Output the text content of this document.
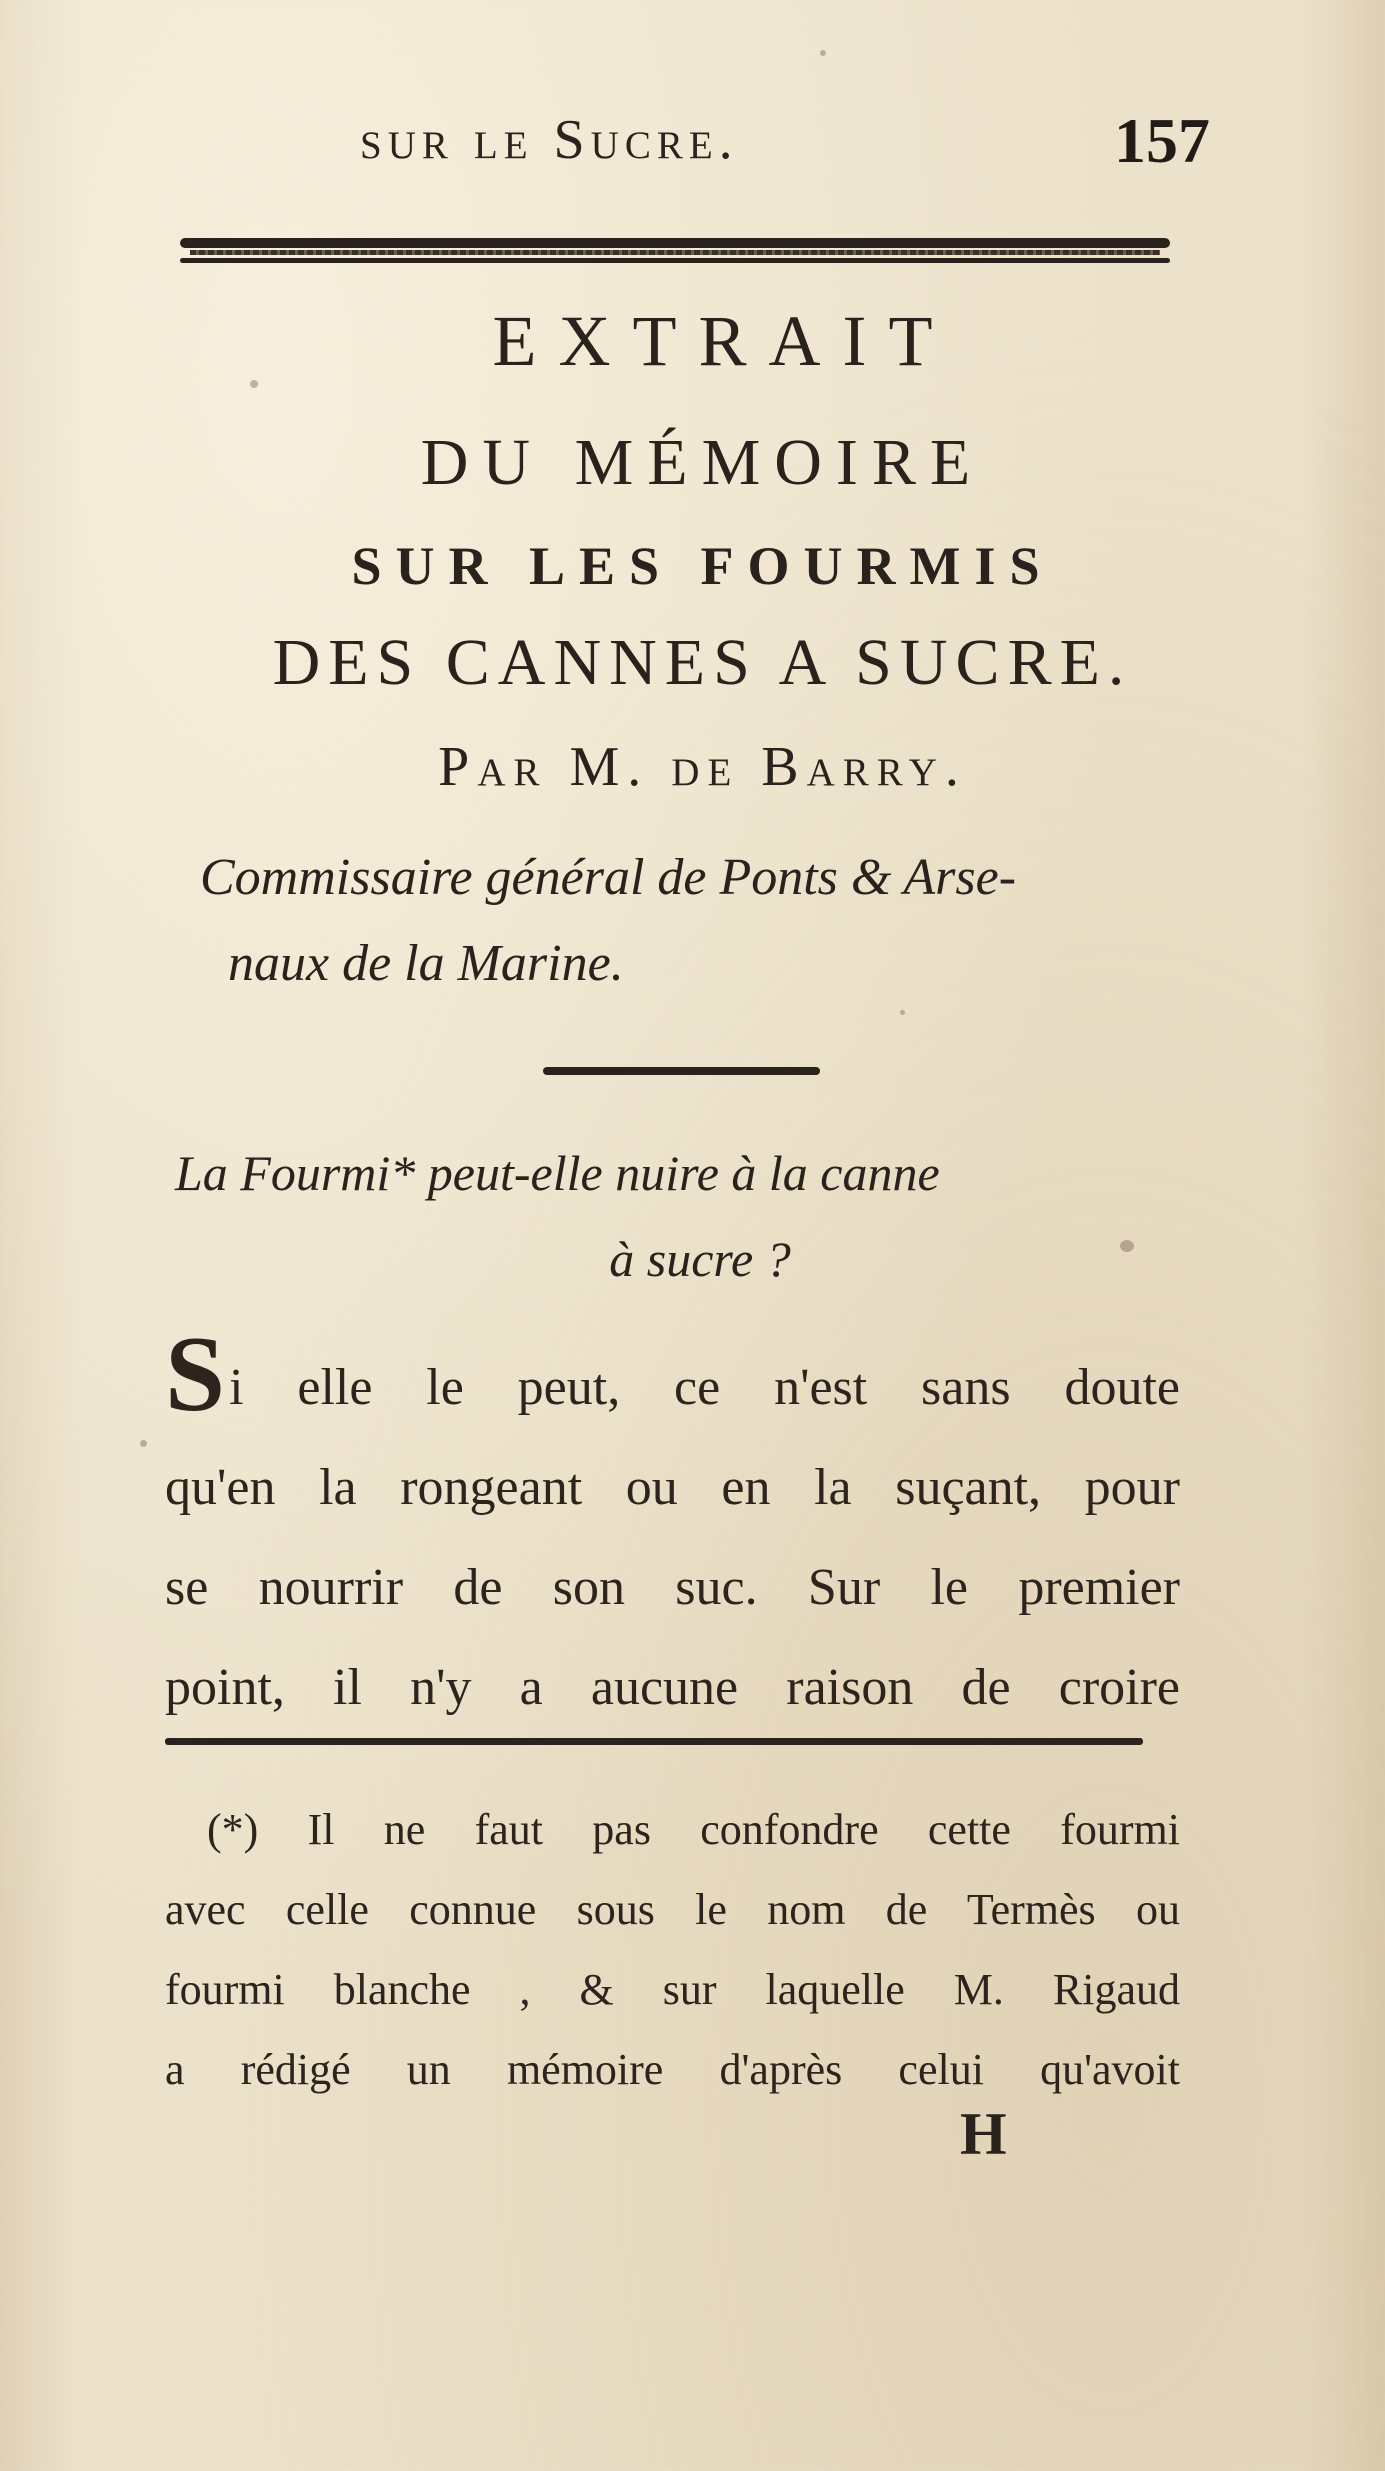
sur le Sucre.	157
EXTRAIT
DU MÉMOIRE
SUR LES FOURMIS
DES CANNES A SUCRE.
Par M. de Barry.
Commissaire général de Ponts & Arse-
naux de la Marine.
La Fourmi* peut-elle nuire à la canne
à sucre ?
Si elle le peut, ce n'est sans doute
qu'en la rongeant ou en la suçant, pour
se nourrir de son suc. Sur le premier
point, il n'y a aucune raison de croire
(*) Il ne faut pas confondre cette fourmi
avec celle connue sous le nom de Termès ou
fourmi blanche , & sur laquelle M. Rigaud
a rédigé un mémoire d'après celui qu'avoit
H
